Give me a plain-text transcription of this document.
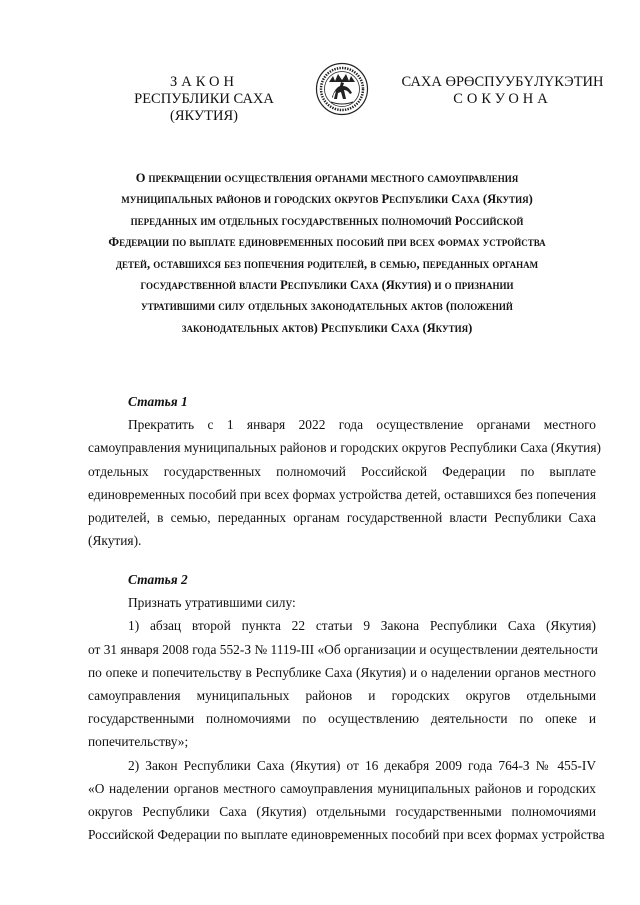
ЗАКОН
РЕСПУБЛИКИ САХА (ЯКУТИЯ)
САХА ӨРӨСПУУБҮЛҮКЭТИН
СОКУОНА
О прекращении осуществления органами местного самоуправления
муниципальных районов и городских округов Республики Саха (Якутия)
переданных им отдельных государственных полномочий Российской
Федерации по выплате единовременных пособий при всех формах устройства
детей, оставшихся без попечения родителей, в семью, переданных органам
государственной власти Республики Саха (Якутия) и о признании
утратившими силу отдельных законодательных актов (положений
законодательных актов) Республики Саха (Якутия)
Статья 1
Прекратить с 1 января 2022 года осуществление органами местного
самоуправления муниципальных районов и городских округов Республики Саха (Якутия)
отдельных государственных полномочий Российской Федерации по выплате
единовременных пособий при всех формах устройства детей, оставшихся без попечения
родителей, в семью, переданных органам государственной власти Республики Саха
(Якутия).
Статья 2
Признать утратившими силу:
1) абзац второй пункта 22 статьи 9 Закона Республики Саха (Якутия)
от 31 января 2008 года 552-З № 1119-III «Об организации и осуществлении деятельности
по опеке и попечительству в Республике Саха (Якутия) и о наделении органов местного
самоуправления муниципальных районов и городских округов отдельными
государственными полномочиями по осуществлению деятельности по опеке и
попечительству»;
2) Закон Республики Саха (Якутия) от 16 декабря 2009 года 764-З № 455-IV
«О наделении органов местного самоуправления муниципальных районов и городских
округов Республики Саха (Якутия) отдельными государственными полномочиями
Российской Федерации по выплате единовременных пособий при всех формах устройства
